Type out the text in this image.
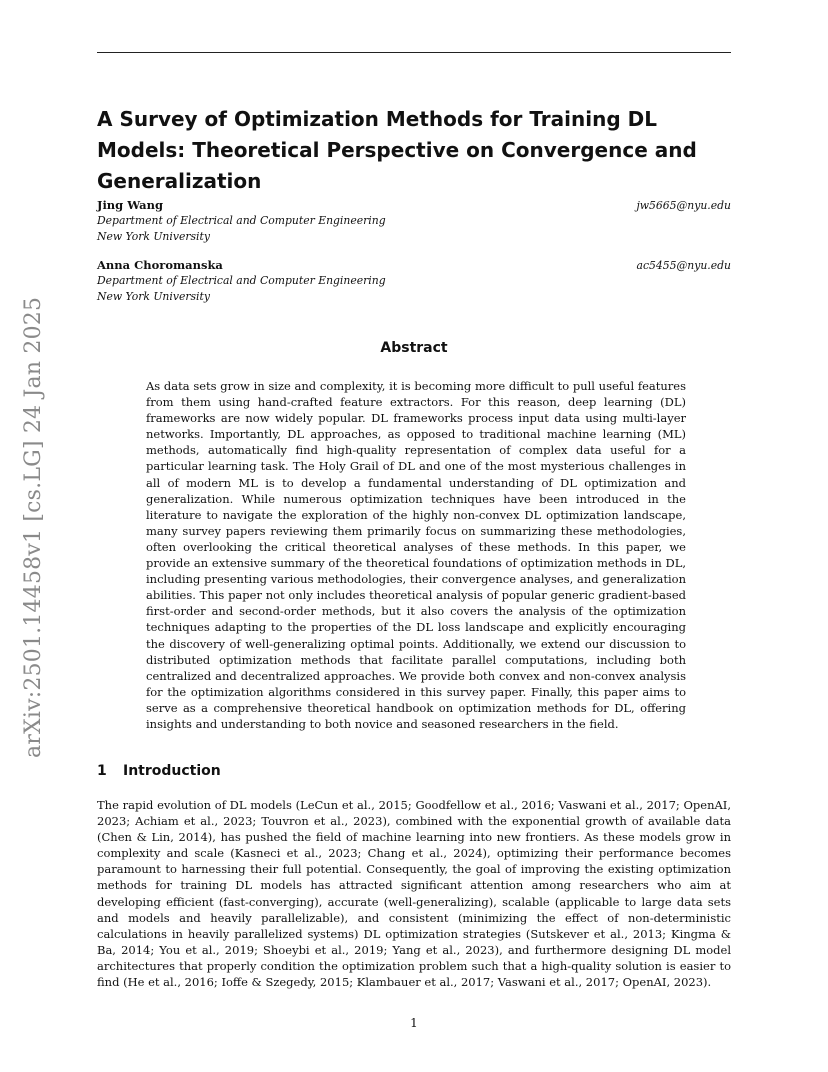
A Survey of Optimization Methods for Training DL Models: Theoretical Perspective on Convergence and Generalization
Jing Wang
Department of Electrical and Computer Engineering
New York University
jw5665@nyu.edu
Anna Choromanska
Department of Electrical and Computer Engineering
New York University
ac5455@nyu.edu
Abstract

As data sets grow in size and complexity, it is becoming more difficult to pull useful features from them using hand-crafted feature extractors. For this reason, deep learning (DL) frameworks are now widely popular. DL frameworks process input data using multi-layer networks. Importantly, DL approaches, as opposed to traditional machine learning (ML) methods, automatically find high-quality representation of complex data useful for a particular learning task. The Holy Grail of DL and one of the most mysterious challenges in all of modern ML is to develop a fundamental understanding of DL optimization and generalization. While numerous optimization techniques have been introduced in the literature to navigate the exploration of the highly non-convex DL optimization landscape, many survey papers reviewing them primarily focus on summarizing these methodologies, often overlooking the critical theoretical analyses of these methods. In this paper, we provide an extensive summary of the theoretical foundations of optimization methods in DL, including presenting various methodologies, their convergence analyses, and generalization abilities. This paper not only includes theoretical analysis of popular generic gradient-based first-order and second-order methods, but it also covers the analysis of the optimization techniques adapting to the properties of the DL loss landscape and explicitly encouraging the discovery of well-generalizing optimal points. Additionally, we extend our discussion to distributed optimization methods that facilitate parallel computations, including both centralized and decentralized approaches. We provide both convex and non-convex analysis for the optimization algorithms considered in this survey paper. Finally, this paper aims to serve as a comprehensive theoretical handbook on optimization methods for DL, offering insights and understanding to both novice and seasoned researchers in the field.

1 Introduction

The rapid evolution of DL models (LeCun et al., 2015; Goodfellow et al., 2016; Vaswani et al., 2017; OpenAI, 2023; Achiam et al., 2023; Touvron et al., 2023), combined with the exponential growth of available data (Chen & Lin, 2014), has pushed the field of machine learning into new frontiers. As these models grow in complexity and scale (Kasneci et al., 2023; Chang et al., 2024), optimizing their performance becomes paramount to harnessing their full potential. Consequently, the goal of improving the existing optimization methods for training DL models has attracted significant attention among researchers who aim at developing efficient (fast-converging), accurate (well-generalizing), scalable (applicable to large data sets and models and heavily parallelizable), and consistent (minimizing the effect of non-deterministic calculations in heavily parallelized systems) DL optimization strategies (Sutskever et al., 2013; Kingma & Ba, 2014; You et al., 2019; Shoeybi et al., 2019; Yang et al., 2023), and furthermore designing DL model architectures that properly condition the optimization problem such that a high-quality solution is easier to find (He et al., 2016; Ioffe & Szegedy, 2015; Klambauer et al., 2017; Vaswani et al., 2017; OpenAI, 2023).

1
arXiv:2501.14458v1 [cs.LG] 24 Jan 2025
